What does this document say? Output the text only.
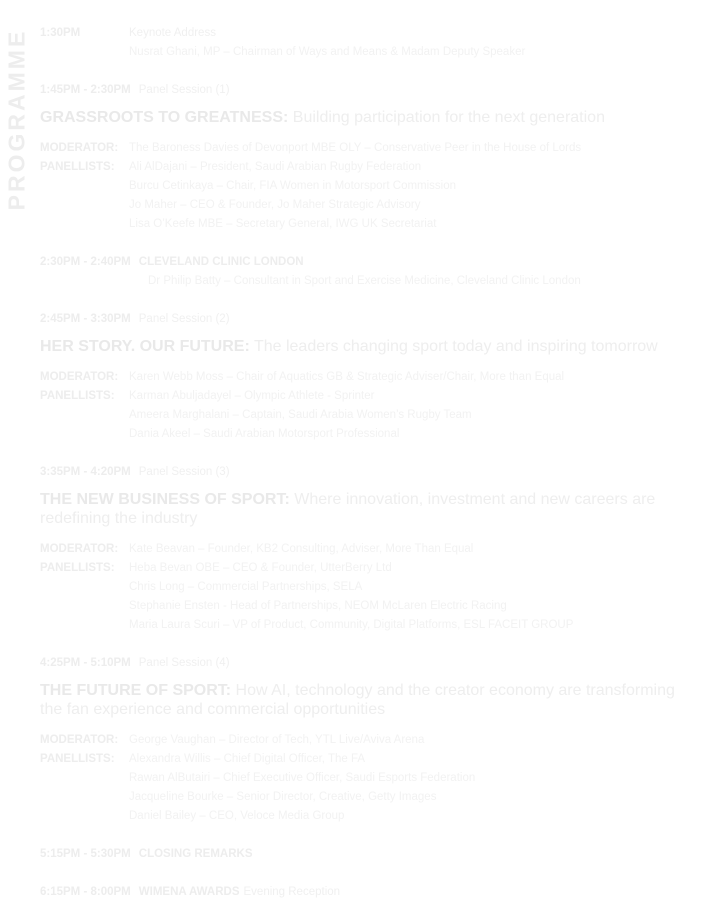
PROGRAMME 1:30PM	Keynote Address
Nusrat Ghani, MP – Chairman of Ways and Means & Madam Deputy Speaker
1:45PM - 2:30PM Panel Session (1)
GRASSROOTS TO GREATNESS: Building participation for the next generation
MODERATOR: The Baroness Davies of Devonport MBE OLY – Conservative Peer in the House of Lords
PANELLISTS:	Ali AlDajani – President, Saudi Arabian Rugby Federation
Burcu Cetinkaya – Chair, FIA Women in Motorsport Commission
Jo Maher – CEO & Founder, Jo Maher Strategic Advisory
Lisa O’Keefe MBE – Secretary General, IWG UK Secretariat
2:30PM - 2:40PM CLEVELAND CLINIC LONDON
Dr Philip Batty – Consultant in Sport and Exercise Medicine, Cleveland Clinic London
2:45PM - 3:30PM Panel Session (2)
HER STORY. OUR FUTURE: The leaders changing sport today and inspiring tomorrow
MODERATOR: Karen Webb Moss – Chair of Aquatics GB & Strategic Adviser/Chair, More than Equal
PANELLISTS:	Karman Abuljadayel – Olympic Athlete - Sprinter
Ameera Marghalani – Captain, Saudi Arabia Women’s Rugby Team
Dania Akeel – Saudi Arabian Motorsport Professional
3:35PM - 4:20PM Panel Session (3)
THE NEW BUSINESS OF SPORT: Where innovation, investment and new careers are redefining the industry
MODERATOR: Kate Beavan – Founder, KB2 Consulting, Adviser, More Than Equal
PANELLISTS:	Heba Bevan OBE – CEO & Founder, UtterBerry Ltd
Chris Long – Commercial Partnerships, SELA
Stephanie Ensten - Head of Partnerships, NEOM McLaren Electric Racing
Maria Laura Scuri – VP of Product, Community, Digital Platforms, ESL FACEIT GROUP
4:25PM - 5:10PM Panel Session (4)
THE FUTURE OF SPORT: How AI, technology and the creator economy are transforming the fan experience and commercial opportunities
MODERATOR: George Vaughan – Director of Tech, YTL Live/Aviva Arena
PANELLISTS:	Alexandra Willis – Chief Digital Officer, The FA
Rawan AlButairi – Chief Executive Officer, Saudi Esports Federation
Jacqueline Bourke – Senior Director, Creative, Getty Images
Daniel Bailey – CEO, Veloce Media Group
5:15PM - 5:30PM CLOSING REMARKS
6:15PM - 8:00PM WIMENA AWARDS Evening Reception
